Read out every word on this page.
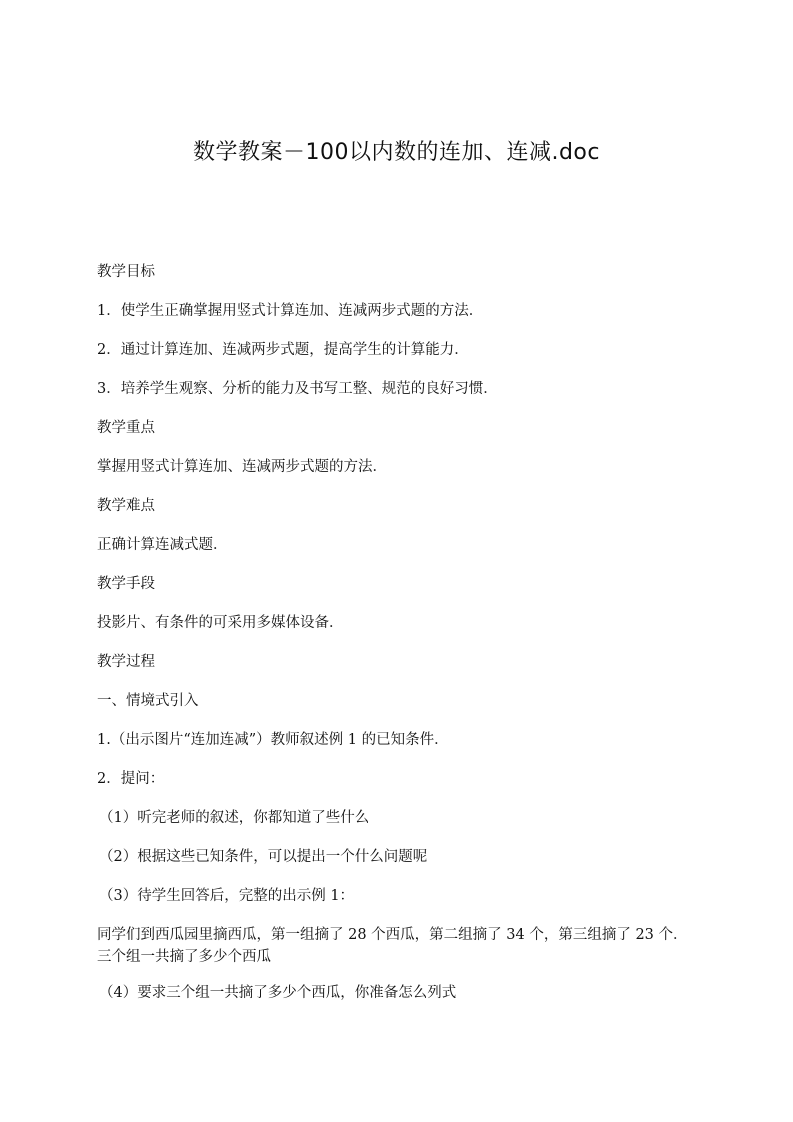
数学教案－100以内数的连加、连减.doc
教学目标
1．使学生正确掌握用竖式计算连加、连减两步式题的方法．
2．通过计算连加、连减两步式题，提高学生的计算能力．
3．培养学生观察、分析的能力及书写工整、规范的良好习惯．
教学重点
掌握用竖式计算连加、连减两步式题的方法．
教学难点
正确计算连减式题．
教学手段
投影片、有条件的可采用多媒体设备．
教学过程
一、情境式引入
1.（出示图片“连加连减”）教师叙述例 1 的已知条件．
2．提问：
（1）听完老师的叙述，你都知道了些什么
（2）根据这些已知条件，可以提出一个什么问题呢
（3）待学生回答后，完整的出示例 1：
同学们到西瓜园里摘西瓜，第一组摘了 28 个西瓜，第二组摘了 34 个，第三组摘了 23 个．三个组一共摘了多少个西瓜
（4）要求三个组一共摘了多少个西瓜，你准备怎么列式
